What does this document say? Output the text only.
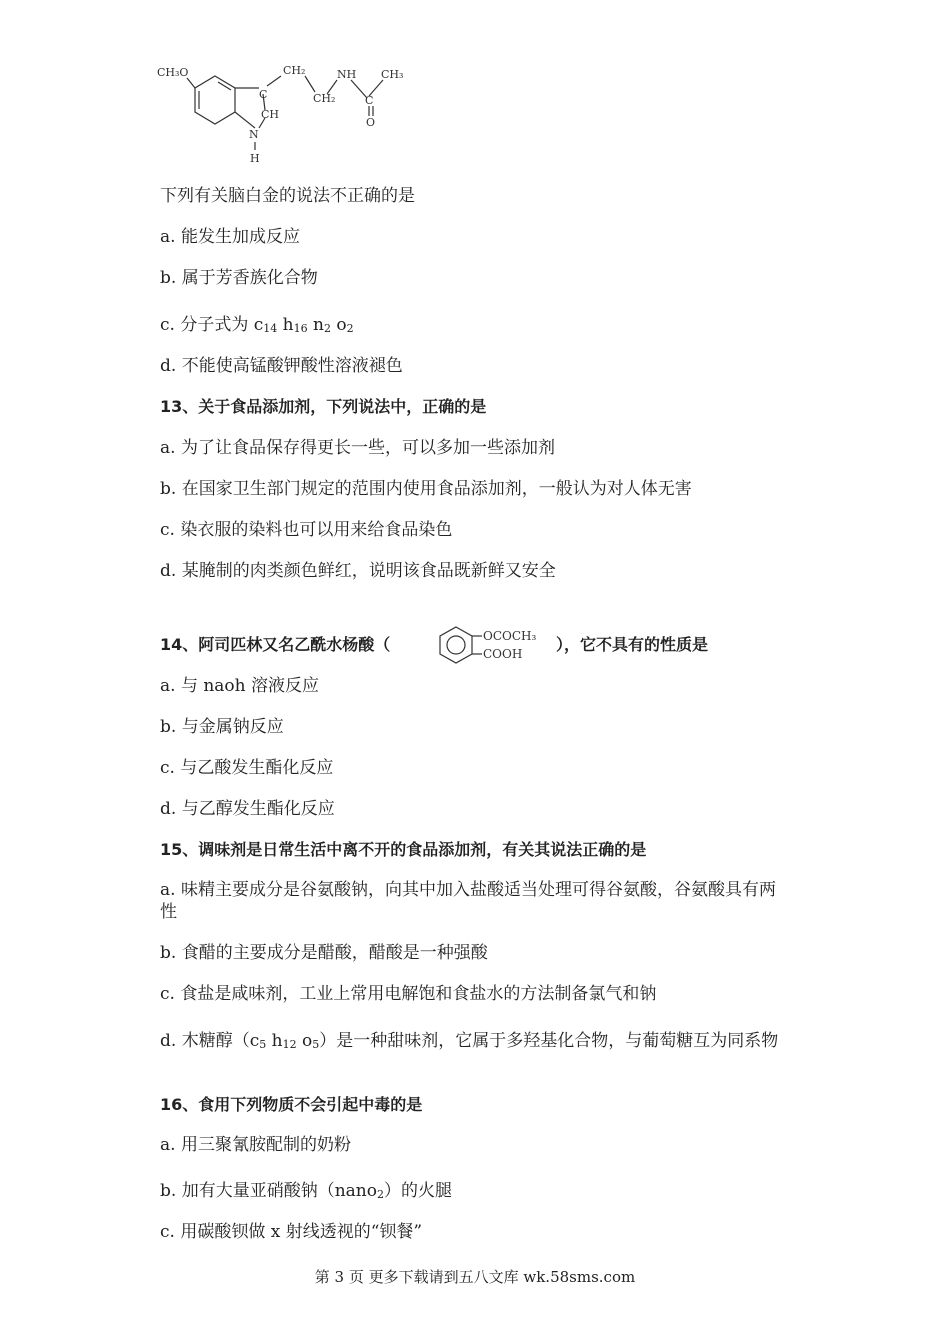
CH₃O	CH₂	NH CH₃
C	CH₂	C
CH
O
N
H
下列有关脑白金的说法不正确的是
a. 能发生加成反应
b. 属于芳香族化合物
c. 分子式为 c14 h16 n2 o2
d. 不能使高锰酸钾酸性溶液褪色
13、关于食品添加剂，下列说法中，正确的是
a. 为了让食品保存得更长一些，可以多加一些添加剂
b. 在国家卫生部门规定的范围内使用食品添加剂，一般认为对人体无害
c. 染衣服的染料也可以用来给食品染色
d. 某腌制的肉类颜色鲜红，说明该食品既新鲜又安全
14、阿司匹林又名乙酰水杨酸（	OCOCH₃
COOH ），它不具有的性质是
a. 与 naoh 溶液反应
b. 与金属钠反应
c. 与乙酸发生酯化反应
d. 与乙醇发生酯化反应
15、调味剂是日常生活中离不开的食品添加剂，有关其说法正确的是
a. 味精主要成分是谷氨酸钠，向其中加入盐酸适当处理可得谷氨酸，谷氨酸具有两性
b. 食醋的主要成分是醋酸，醋酸是一种强酸
c. 食盐是咸味剂，工业上常用电解饱和食盐水的方法制备氯气和钠
d. 木糖醇（c5 h12 o5）是一种甜味剂，它属于多羟基化合物，与葡萄糖互为同系物
16、食用下列物质不会引起中毒的是
a. 用三聚氰胺配制的奶粉
b. 加有大量亚硝酸钠（nano2）的火腿
c. 用碳酸钡做 x 射线透视的“钡餐”
第 3 页 更多下载请到五八文库 wk.58sms.com
